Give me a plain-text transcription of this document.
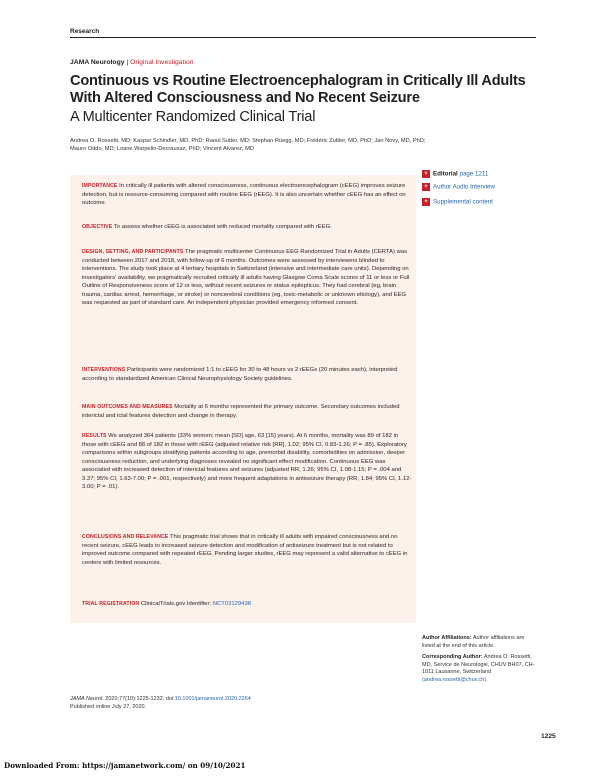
Research
JAMA Neurology | Original Investigation
Continuous vs Routine Electroencephalogram in Critically Ill Adults With Altered Consciousness and No Recent Seizure
A Multicenter Randomized Clinical Trial
Andrea O. Rossetti, MD; Kaspar Schindler, MD, PhD; Raoul Sutter, MD; Stephan Rüegg, MD; Frédéric Zubler, MD, PhD; Jan Novy, MD, PhD; Mauro Oddo, MD; Loane Warpelin-Decrausaz, PhD; Vincent Alvarez, MD
IMPORTANCE In critically ill patients with altered consciousness, continuous electroencephalogram (cEEG) improves seizure detection, but is resource-consuming compared with routine EEG (rEEG). It is also uncertain whether cEEG has an effect on outcome.
OBJECTIVE To assess whether cEEG is associated with reduced mortality compared with rEEG.
DESIGN, SETTING, AND PARTICIPANTS The pragmatic multicenter Continuous EEG Randomized Trial in Adults (CERTA) was conducted between 2017 and 2018, with follow-up of 6 months. Outcomes were assessed by interviewers blinded to interventions. The study took place at 4 tertiary hospitals in Switzerland (intensive and intermediate care units). Depending on investigators' availability, we pragmatically recruited critically ill adults having Glasgow Coma Scale scores of 11 or less or Full Outline of Responsiveness score of 12 or less, without recent seizures or status epilepticus. They had cerebral (eg, brain trauma, cardiac arrest, hemorrhage, or stroke) or noncerebral conditions (eg, toxic-metabolic or unknown etiology), and EEG was requested as part of standard care. An independent physician provided emergency informed consent.
INTERVENTIONS Participants were randomized 1:1 to cEEG for 30 to 48 hours vs 2 rEEGs (20 minutes each), interpreted according to standardized American Clinical Neurophysiology Society guidelines.
MAIN OUTCOMES AND MEASURES Mortality at 6 months represented the primary outcome. Secondary outcomes included interictal and ictal features detection and change in therapy.
RESULTS We analyzed 364 patients (33% women; mean [SD] age, 63 [15] years). At 6 months, mortality was 89 of 182 in those with cEEG and 88 of 182 in those with rEEG (adjusted relative risk [RR], 1.02; 95% CI, 0.83-1.26; P = .85). Exploratory comparisons within subgroups stratifying patients according to age, premorbid disability, comorbidities on admission, deeper consciousness reduction, and underlying diagnoses revealed no significant effect modification. Continuous EEG was associated with increased detection of interictal features and seizures (adjusted RR, 1.26; 95% CI, 1.08-1.15; P = .004 and 3.37; 95% CI, 1.63-7.00; P = .001, respectively) and more frequent adaptations in antiseizure therapy (RR, 1.84; 95% CI, 1.12-3.00; P = .01).
CONCLUSIONS AND RELEVANCE This pragmatic trial shows that in critically ill adults with impaired consciousness and no recent seizure, cEEG leads to increased seizure detection and modification of antiseizure treatment but is not related to improved outcome compared with repeated rEEG. Pending larger studies, rEEG may represent a valid alternative to cEEG in centers with limited resources.
TRIAL REGISTRATION ClinicalTrials.gov Identifier: NCT03129438
+ Editorial page 1211
+ Author Audio Interview
+ Supplemental content
Author Affiliations: Author affiliations are listed at the end of this article.
Corresponding Author: Andrea O. Rossetti, MD, Service de Neurologie, CHUV BH07, CH-1011 Lausanne, Switzerland (andrea.rossetti@chuv.ch).
JAMA Neurol. 2020;77(10):1225-1232. doi:10.1001/jamaneurol.2020.2264
Published online July 27, 2020.
1225
Downloaded From: https://jamanetwork.com/ on 09/10/2021
